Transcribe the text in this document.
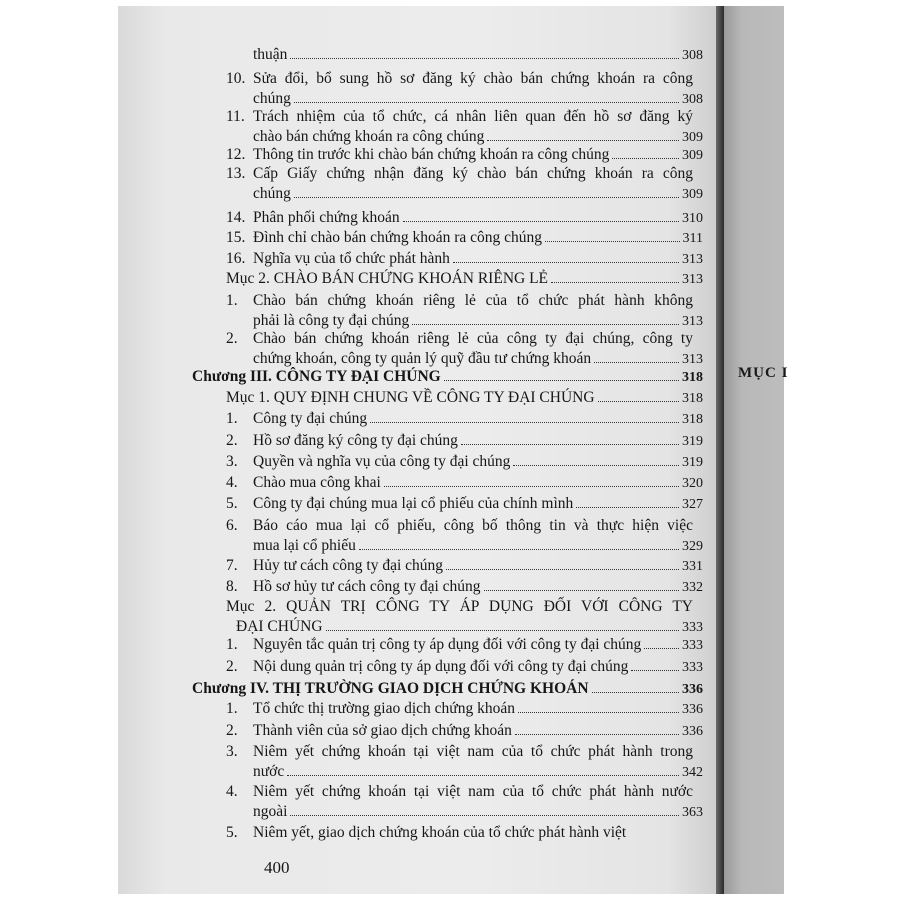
thuận	308
10. Sửa đổi, bổ sung hồ sơ đăng ký chào bán chứng khoán ra công
chúng	308
11. Trách nhiệm của tổ chức, cá nhân liên quan đến hồ sơ đăng ký
chào bán chứng khoán ra công chúng	309
12. Thông tin trước khi chào bán chứng khoán ra công chúng	309
13. Cấp Giấy chứng nhận đăng ký chào bán chứng khoán ra công
chúng	309
14. Phân phối chứng khoán	310
15. Đình chỉ chào bán chứng khoán ra công chúng	311
16. Nghĩa vụ của tổ chức phát hành	313
Mục 2. CHÀO BÁN CHỨNG KHOÁN RIÊNG LẺ	313
1. Chào bán chứng khoán riêng lẻ của tổ chức phát hành không
phải là công ty đại chúng	313
2. Chào bán chứng khoán riêng lẻ của công ty đại chúng, công ty
chứng khoán, công ty quản lý quỹ đầu tư chứng khoán	313
Chương III. CÔNG TY ĐẠI CHÚNG	318
Mục 1. QUY ĐỊNH CHUNG VỀ CÔNG TY ĐẠI CHÚNG	318
1. Công ty đại chúng	318
2. Hồ sơ đăng ký công ty đại chúng	319
3. Quyền và nghĩa vụ của công ty đại chúng	319
4. Chào mua công khai	320
5. Công ty đại chúng mua lại cổ phiếu của chính mình	327
6. Báo cáo mua lại cổ phiếu, công bố thông tin và thực hiện việc
mua lại cổ phiếu	329
7. Hủy tư cách công ty đại chúng	331
8. Hồ sơ hủy tư cách công ty đại chúng	332
Mục 2. QUẢN TRỊ CÔNG TY ÁP DỤNG ĐỐI VỚI CÔNG TY
ĐẠI CHÚNG	333
1. Nguyên tắc quản trị công ty áp dụng đối với công ty đại chúng	333
2. Nội dung quản trị công ty áp dụng đối với công ty đại chúng	333
Chương IV. THỊ TRƯỜNG GIAO DỊCH CHỨNG KHOÁN	336
1. Tổ chức thị trường giao dịch chứng khoán	336
2. Thành viên của sở giao dịch chứng khoán	336
3. Niêm yết chứng khoán tại việt nam của tổ chức phát hành trong
nước	342
4. Niêm yết chứng khoán tại việt nam của tổ chức phát hành nước
ngoài	363
5. Niêm yết, giao dịch chứng khoán của tổ chức phát hành việt
400
MỤC I
